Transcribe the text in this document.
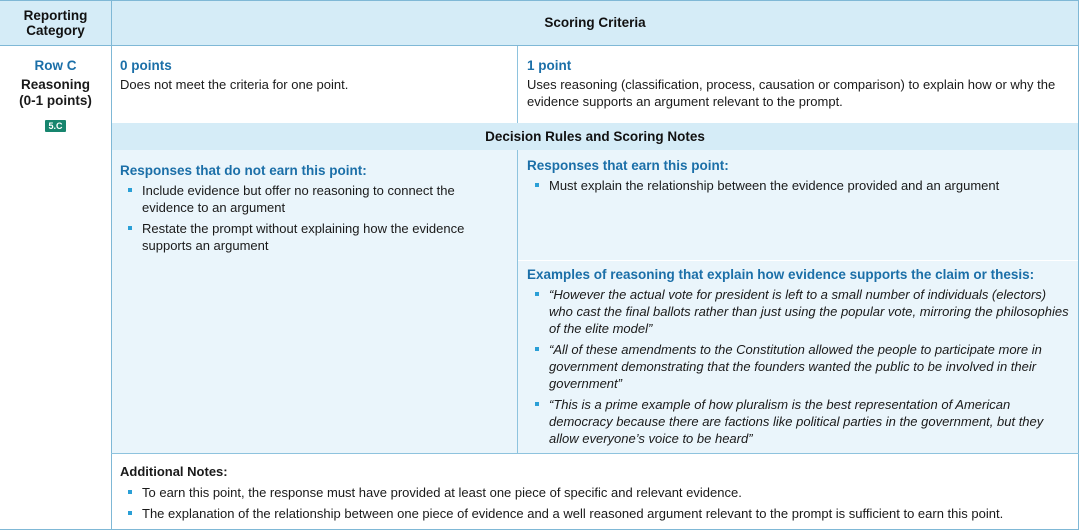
Reporting Category	Scoring Criteria
Row C
Reasoning
(0-1 points)
5.C
0 points
Does not meet the criteria for one point.
1 point
Uses reasoning (classification, process, causation or comparison) to explain how or why the evidence supports an argument relevant to the prompt.
Decision Rules and Scoring Notes
Responses that do not earn this point:
Include evidence but offer no reasoning to connect the evidence to an argument
Restate the prompt without explaining how the evidence supports an argument
Responses that earn this point:
Must explain the relationship between the evidence provided and an argument
Examples of reasoning that explain how evidence supports the claim or thesis:
“However the actual vote for president is left to a small number of individuals (electors) who cast the final ballots rather than just using the popular vote, mirroring the philosophies of the elite model”
“All of these amendments to the Constitution allowed the people to participate more in government demonstrating that the founders wanted the public to be involved in their government”
“This is a prime example of how pluralism is the best representation of American democracy because there are factions like political parties in the government, but they allow everyone’s voice to be heard”
Additional Notes:
To earn this point, the response must have provided at least one piece of specific and relevant evidence.
The explanation of the relationship between one piece of evidence and a well reasoned argument relevant to the prompt is sufficient to earn this point.
